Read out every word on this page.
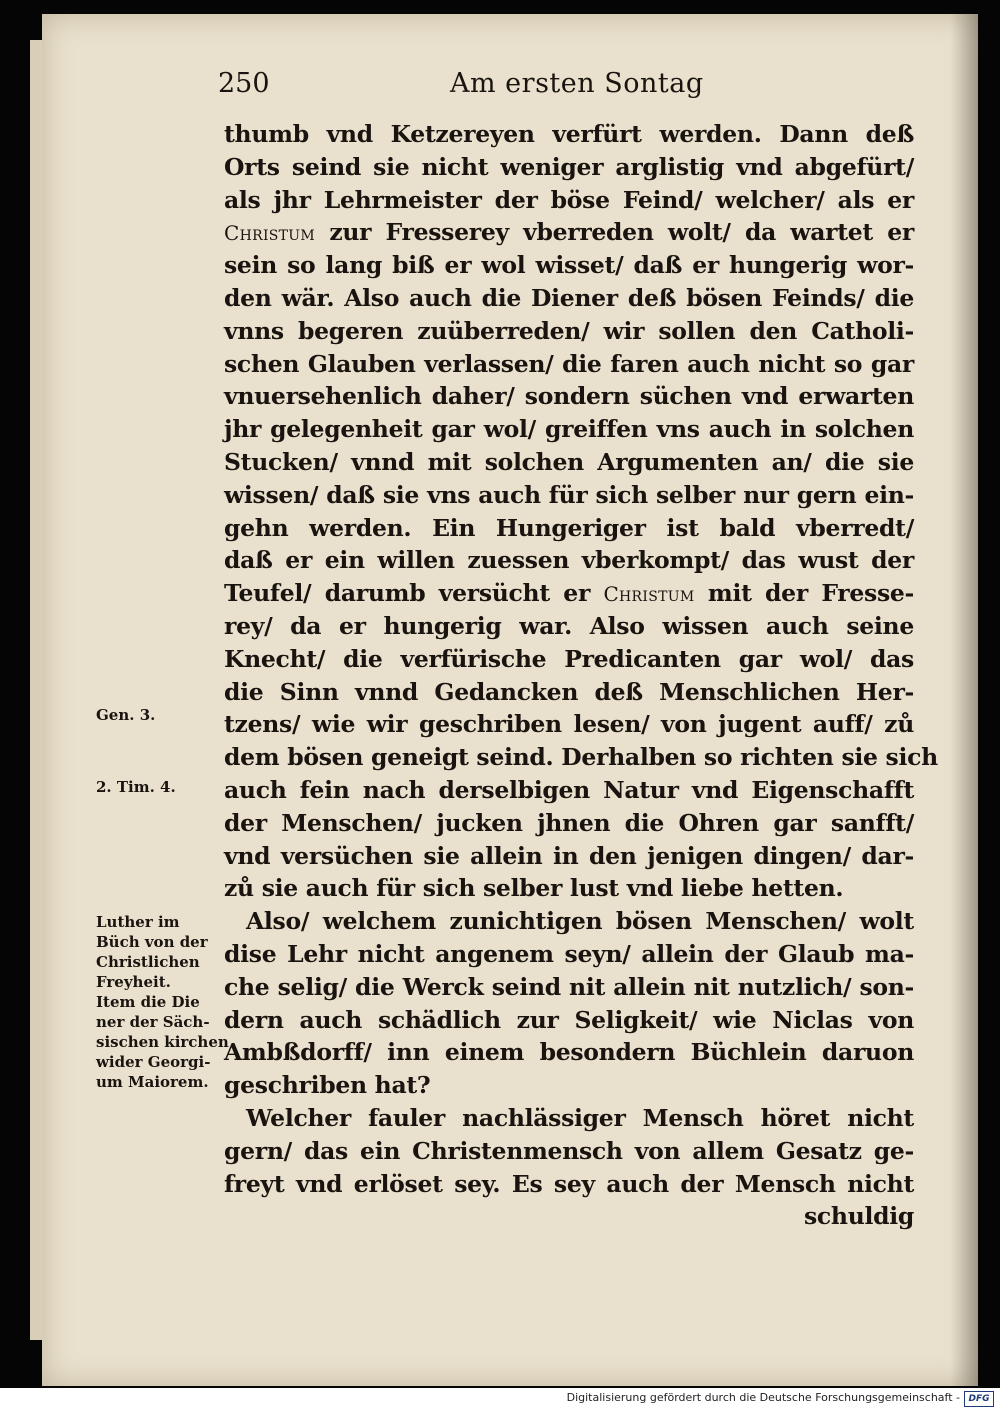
250	Am ersten Sontag
thumb vnd Ketzereyen verfürt werden. Dann deß
Orts seind sie nicht weniger arglistig vnd abgefürt/
als jhr Lehrmeister der böse Feind/ welcher/ als er
Christum zur Fresserey vberreden wolt/ da wartet er
sein so lang biß er wol wisset/ daß er hungerig wor-
den wär. Also auch die Diener deß bösen Feinds/ die
vnns begeren zuüberreden/ wir sollen den Catholi-
schen Glauben verlassen/ die faren auch nicht so gar
vnuersehenlich daher/ sondern süchen vnd erwarten
jhr gelegenheit gar wol/ greiffen vns auch in solchen
Stucken/ vnnd mit solchen Argumenten an/ die sie
wissen/ daß sie vns auch für sich selber nur gern ein-
gehn werden. Ein Hungeriger ist bald vberredt/
daß er ein willen zuessen vberkompt/ das wust der
Teufel/ darumb versücht er Christum mit der Fresse-
rey/ da er hungerig war. Also wissen auch seine
Knecht/ die verfürische Predicanten gar wol/ das
die Sinn vnnd Gedancken deß Menschlichen Her-
tzens/ wie wir geschriben lesen/ von jugent auff/ zů
dem bösen geneigt seind. Derhalben so richten sie sich
auch fein nach derselbigen Natur vnd Eigenschafft
der Menschen/ jucken jhnen die Ohren gar sanfft/
vnd versüchen sie allein in den jenigen dingen/ dar-
zů sie auch für sich selber lust vnd liebe hetten.
Also/ welchem zunichtigen bösen Menschen/ wolt
dise Lehr nicht angenem seyn/ allein der Glaub ma-
che selig/ die Werck seind nit allein nit nutzlich/ son-
dern auch schädlich zur Seligkeit/ wie Niclas von
Ambßdorff/ inn einem besondern Büchlein daruon
geschriben hat?
Welcher fauler nachlässiger Mensch höret nicht
gern/ das ein Christenmensch von allem Gesatz ge-
freyt vnd erlöset sey. Es sey auch der Mensch nicht
schuldig
Gen. 3.
2. Tim. 4.
Luther im
Büch von der
Christlichen
Freyheit.
Item die Die
ner der Säch-
sischen kirchen
wider Georgi-
um Maiorem.
Digitalisierung gefördert durch die Deutsche Forschungsgemeinschaft - DFG
